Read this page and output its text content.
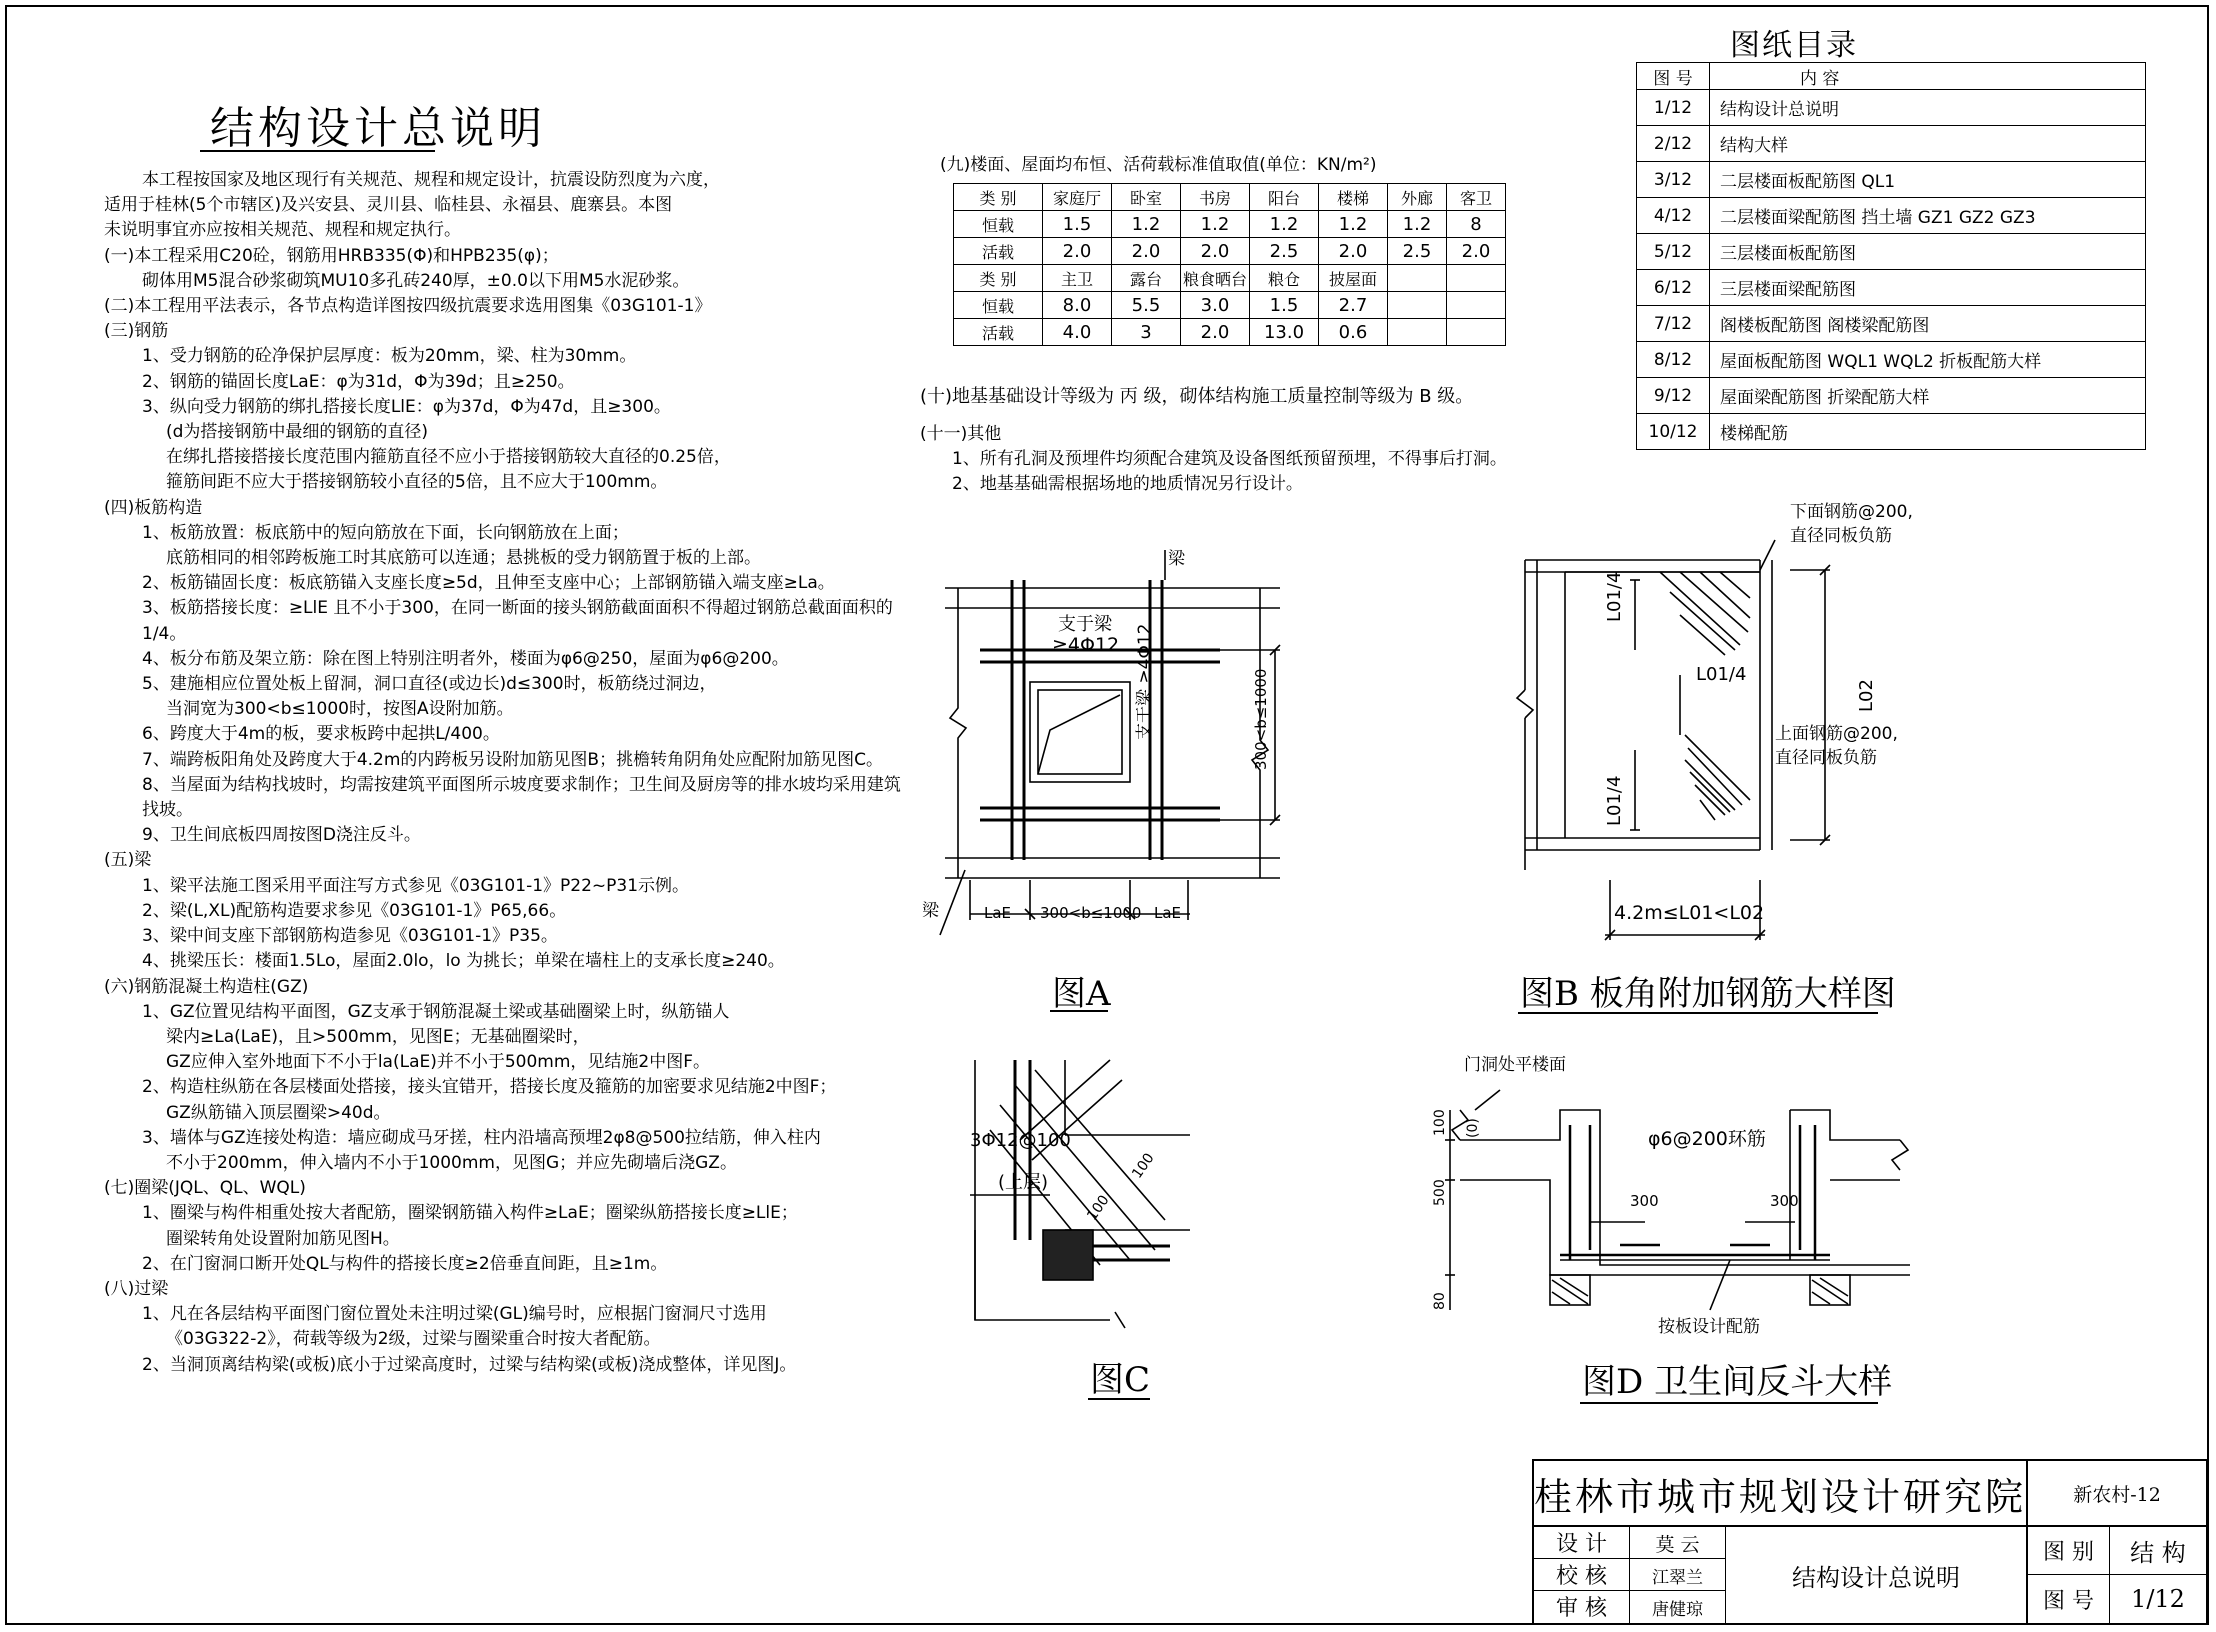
结构设计总说明
本工程按国家及地区现行有关规范、规程和规定设计，抗震设防烈度为六度，
适用于桂林(5个市辖区)及兴安县、灵川县、临桂县、永福县、鹿寨县。本图
未说明事宜亦应按相关规范、规程和规定执行。
(一)本工程采用C20砼，钢筋用HRB335(Φ)和HPB235(φ)；
砌体用M5混合砂浆砌筑MU10多孔砖240厚，±0.0以下用M5水泥砂浆。
(二)本工程用平法表示，各节点构造详图按四级抗震要求选用图集《03G101-1》
(三)钢筋
1、受力钢筋的砼净保护层厚度：板为20mm，梁、柱为30mm。
2、钢筋的锚固长度LaE：φ为31d，Φ为39d；且≥250。
3、纵向受力钢筋的绑扎搭接长度LlE：φ为37d，Φ为47d，且≥300。
(d为搭接钢筋中最细的钢筋的直径)
在绑扎搭接搭接长度范围内箍筋直径不应小于搭接钢筋较大直径的0.25倍，
箍筋间距不应大于搭接钢筋较小直径的5倍，且不应大于100mm。
(四)板筋构造
1、板筋放置：板底筋中的短向筋放在下面，长向钢筋放在上面；
底筋相同的相邻跨板施工时其底筋可以连通；悬挑板的受力钢筋置于板的上部。
2、板筋锚固长度：板底筋锚入支座长度≥5d，且伸至支座中心；上部钢筋锚入端支座≥La。
3、板筋搭接长度：≥LlE 且不小于300，在同一断面的接头钢筋截面面积不得超过钢筋总截面面积的1/4。
4、板分布筋及架立筋：除在图上特别注明者外，楼面为φ6@250，屋面为φ6@200。
5、建施相应位置处板上留洞，洞口直径(或边长)d≤300时，板筋绕过洞边，
当洞宽为300<b≤1000时，按图A设附加筋。
6、跨度大于4m的板，要求板跨中起拱L/400。
7、端跨板阳角处及跨度大于4.2m的内跨板另设附加筋见图B；挑檐转角阴角处应配附加筋见图C。
8、当屋面为结构找坡时，均需按建筑平面图所示坡度要求制作；卫生间及厨房等的排水坡均采用建筑找坡。
9、卫生间底板四周按图D浇注反斗。
(五)梁
1、梁平法施工图采用平面注写方式参见《03G101-1》P22~P31示例。
2、梁(L,XL)配筋构造要求参见《03G101-1》P65,66。
3、梁中间支座下部钢筋构造参见《03G101-1》P35。
4、挑梁压长：楼面1.5Lo，屋面2.0lo，lo 为挑长；单梁在墙柱上的支承长度≥240。
(六)钢筋混凝土构造柱(GZ)
1、GZ位置见结构平面图，GZ支承于钢筋混凝土梁或基础圈梁上时，纵筋锚人
梁内≥La(LaE)，且>500mm，见图E；无基础圈梁时，
GZ应伸入室外地面下不小于la(LaE)并不小于500mm，见结施2中图F。
2、构造柱纵筋在各层楼面处搭接，接头宜错开，搭接长度及箍筋的加密要求见结施2中图F；
GZ纵筋锚入顶层圈梁>40d。
3、墙体与GZ连接处构造：墙应砌成马牙搓，柱内沿墙高预埋2φ8@500拉结筋，伸入柱内
不小于200mm，伸入墙内不小于1000mm，见图G；并应先砌墙后浇GZ。
(七)圈梁(JQL、QL、WQL)
1、圈梁与构件相重处按大者配筋，圈梁钢筋锚入构件≥LaE；圈梁纵筋搭接长度≥LlE；
圈梁转角处设置附加筋见图H。
2、在门窗洞口断开处QL与构件的搭接长度≥2倍垂直间距，且≥1m。
(八)过梁
1、凡在各层结构平面图门窗位置处未注明过梁(GL)编号时，应根据门窗洞尺寸选用
《03G322-2》，荷载等级为2级，过梁与圈梁重合时按大者配筋。
2、当洞顶离结构梁(或板)底小于过梁高度时，过梁与结构梁(或板)浇成整体，详见图J。
(九)楼面、屋面均布恒、活荷载标准值取值(单位：KN/m²)
类 别	家庭厅	卧室	书房	阳台	楼梯	外廊	客卫
恒载	1.5	1.2	1.2	1.2	1.2	1.2	8
活载	2.0	2.0	2.0	2.5	2.0	2.5	2.0
类 别	主卫	露台	粮食晒台	粮仓	披屋面		
恒载	8.0	5.5	3.0	1.5	2.7		
活载	4.0	3	2.0	13.0	0.6		
(十)地基基础设计等级为 丙 级，砌体结构施工质量控制等级为 B 级。
(十一)其他
1、所有孔洞及预埋件均须配合建筑及设备图纸预留预埋，不得事后打洞。
2、地基基础需根据场地的地质情况另行设计。
图纸目录
图 号	内 容
1/12	结构设计总说明
2/12	结构大样
3/12	二层楼面板配筋图 QL1
4/12	二层楼面梁配筋图 挡土墙 GZ1 GZ2 GZ3
5/12	三层楼面板配筋图
6/12	三层楼面梁配筋图
7/12	阁楼板配筋图 阁楼梁配筋图
8/12	屋面板配筋图 WQL1 WQL2 折板配筋大样
9/12	屋面梁配筋图 折梁配筋大样
10/12	楼梯配筋
梁
梁
支于梁
≥4Φ12
支于梁 ≥4Φ12
300<b≤1000
LaE 300<b≤1000 LaE
图A
下面钢筋@200,
直径同板负筋
上面钢筋@200,
直径同板负筋
L01/4
L01/4
L01/4
L02
4.2m≤L01<L02
图B 板角附加钢筋大样图
3Φ12@100
(上层)
100
100
图C
门洞处平楼面
φ6@200环筋
300	300
100 (0)
500
80
按板设计配筋
图D 卫生间反斗大样
桂林市城市规划设计研究院	新农村-12
设 计	莫 云
校 核	江翠兰
审 核	唐健琼
结构设计总说明
图 别	结 构
图 号	1/12
